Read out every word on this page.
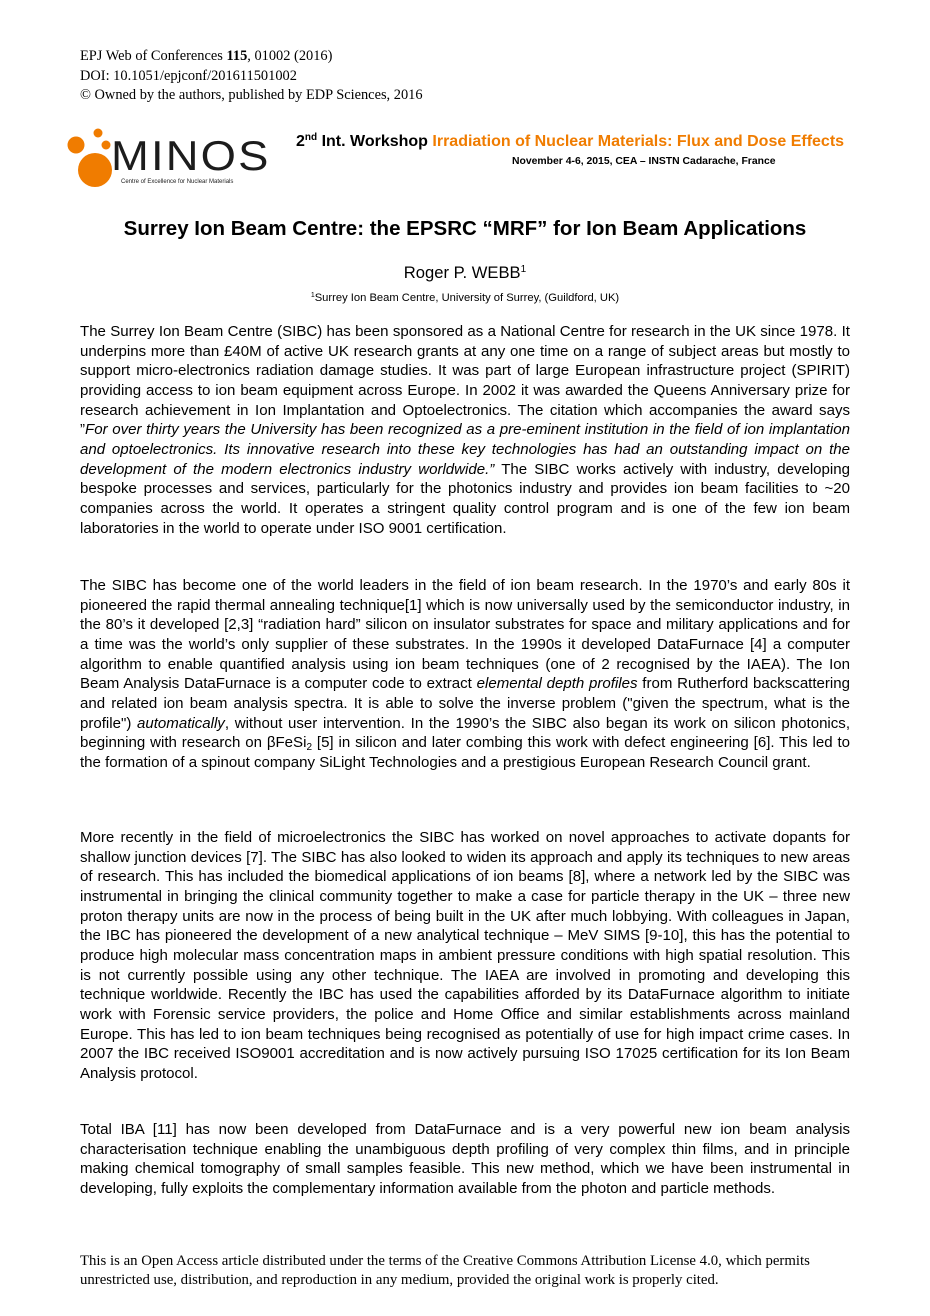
EPJ Web of Conferences 115, 01002 (2016)
DOI: 10.1051/epjconf/201611501002
© Owned by the authors, published by EDP Sciences, 2016
MINOS
Centre of Excellence for Nuclear Materials
2nd Int. Workshop Irradiation of Nuclear Materials: Flux and Dose Effects
November 4-6, 2015, CEA – INSTN Cadarache, France
Surrey Ion Beam Centre: the EPSRC “MRF” for Ion Beam Applications
Roger P. WEBB$^1$
$^1$Surrey Ion Beam Centre, University of Surrey, (Guildford, UK)

The Surrey Ion Beam Centre (SIBC) has been sponsored as a National Centre for research in the UK since 1978. It underpins more than £40M of active UK research grants at any one time on a range of subject areas but mostly to support micro-electronics radiation damage studies. It was part of large European infrastructure project (SPIRIT) providing access to ion beam equipment across Europe. In 2002 it was awarded the Queens Anniversary prize for research achievement in Ion Implantation and Optoelectronics. The citation which accompanies the award says ”For over thirty years the University has been recognized as a pre-eminent institution in the field of ion implantation and optoelectronics. Its innovative research into these key technologies has had an outstanding impact on the development of the modern electronics industry worldwide.” The SIBC works actively with industry, developing bespoke processes and services, particularly for the photonics industry and provides ion beam facilities to ~20 companies across the world. It operates a stringent quality control program and is one of the few ion beam laboratories in the world to operate under ISO 9001 certification.

The SIBC has become one of the world leaders in the field of ion beam research. In the 1970’s and early 80s it pioneered the rapid thermal annealing technique[1] which is now universally used by the semiconductor industry, in the 80’s it developed [2,3] “radiation hard” silicon on insulator substrates for space and military applications and for a time was the world’s only supplier of these substrates. In the 1990s it developed DataFurnace [4] a computer algorithm to enable quantified analysis using ion beam techniques (one of 2 recognised by the IAEA). The Ion Beam Analysis DataFurnace is a computer code to extract elemental depth profiles from Rutherford backscattering and related ion beam analysis spectra. It is able to solve the inverse problem ("given the spectrum, what is the profile") automatically, without user intervention. In the 1990’s the SIBC also began its work on silicon photonics, beginning with research on βFeSi$_2$ [5] in silicon and later combing this work with defect engineering [6]. This led to the formation of a spinout company SiLight Technologies and a prestigious European Research Council grant.

More recently in the field of microelectronics the SIBC has worked on novel approaches to activate dopants for shallow junction devices [7]. The SIBC has also looked to widen its approach and apply its techniques to new areas of research. This has included the biomedical applications of ion beams [8], where a network led by the SIBC was instrumental in bringing the clinical community together to make a case for particle therapy in the UK – three new proton therapy units are now in the process of being built in the UK after much lobbying. With colleagues in Japan, the IBC has pioneered the development of a new analytical technique – MeV SIMS [9-10], this has the potential to produce high molecular mass concentration maps in ambient pressure conditions with high spatial resolution. This is not currently possible using any other technique. The IAEA are involved in promoting and developing this technique worldwide. Recently the IBC has used the capabilities afforded by its DataFurnace algorithm to initiate work with Forensic service providers, the police and Home Office and similar establishments across mainland Europe. This has led to ion beam techniques being recognised as potentially of use for high impact crime cases. In 2007 the IBC received ISO9001 accreditation and is now actively pursuing ISO 17025 certification for its Ion Beam Analysis protocol.

Total IBA [11] has now been developed from DataFurnace and is a very powerful new ion beam analysis characterisation technique enabling the unambiguous depth profiling of very complex thin films, and in principle making chemical tomography of small samples feasible. This new method, which we have been instrumental in developing, fully exploits the complementary information available from the photon and particle methods.

This is an Open Access article distributed under the terms of the Creative Commons Attribution License 4.0, which permits unrestricted use, distribution, and reproduction in any medium, provided the original work is properly cited.
